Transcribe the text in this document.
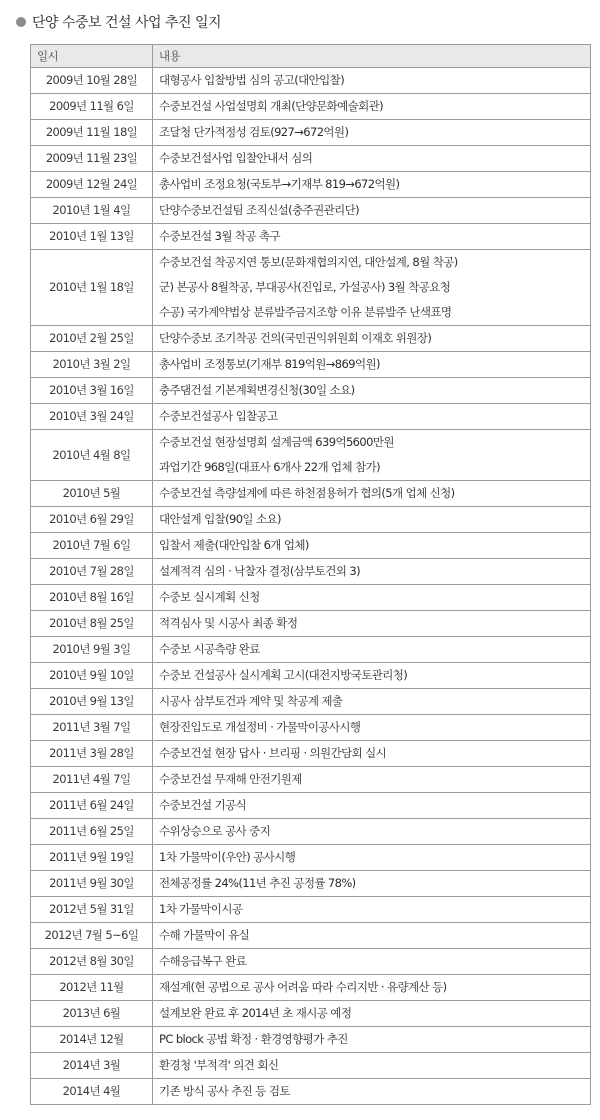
단양 수중보 건설 사업 추진 일지
일시	내용
2009년 10월 28일	대형공사 입찰방법 심의 공고(대안입찰)

2009년 11월 6일	수중보건설 사업설명회 개최(단양문화예술회관)

2009년 11월 18일	조달청 단가적정성 검토(927→672억원)

2009년 11월 23일	수중보건설사업 입찰안내서 심의

2009년 12월 24일	총사업비 조정요청(국토부→기재부 819→672억원)

2010년 1월 4일	단양수중보건설팀 조직신설(충주권관리단)

2010년 1월 13일	수중보건설 3월 착공 촉구

2010년 1월 18일	수중보건설 착공지연 통보(문화재협의지연, 대안설계, 8월 착공)
군) 본공사 8월착공, 부대공사(진입로, 가설공사) 3월 착공요청
수공) 국가계약법상 분류발주금지조항 이유 분류발주 난색표명

2010년 2월 25일	단양수중보 조기착공 건의(국민권익위원회 이재호 위원장)

2010년 3월 2일	총사업비 조정통보(기재부 819억원→869억원)

2010년 3월 16일	충주댐건설 기본계획변경신청(30일 소요)

2010년 3월 24일	수중보건설공사 입찰공고

2010년 4월 8일	수중보건설 현장설명회 설계금액 639억5600만원
과업기간 968일(대표사 6개사 22개 업체 참가)

2010년 5월	수중보건설 측량설계에 따른 하천점용허가 협의(5개 업체 신청)

2010년 6월 29일	대안설계 입찰(90일 소요)

2010년 7월 6일	입찰서 제출(대안입찰 6개 업체)

2010년 7월 28일	설계적격 심의 · 낙찰자 결정(삼부토건외 3)

2010년 8월 16일	수중보 실시계획 신청

2010년 8월 25일	적격심사 및 시공사 최종 확정

2010년 9월 3일	수중보 시공측량 완료

2010년 9월 10일	수중보 건설공사 실시계획 고시(대전지방국토관리청)

2010년 9월 13일	시공사 삼부토건과 계약 및 착공계 제출

2011년 3월 7일	현장진입도로 개설정비 · 가물막이공사시행

2011년 3월 28일	수중보건설 현장 답사 · 브리핑 · 의원간담회 실시

2011년 4월 7일	수중보건설 무재해 안전기원제

2011년 6월 24일	수중보건설 기공식

2011년 6월 25일	수위상승으로 공사 중지

2011년 9월 19일	1차 가물막이(우안) 공사시행

2011년 9월 30일	전체공정률 24%(11년 추진 공정률 78%)

2012년 5월 31일	1차 가물막이시공

2012년 7월 5~6일	수해 가물막이 유실

2012년 8월 30일	수해응급복구 완료

2012년 11월	재설계(현 공법으로 공사 어려움 따라 수리지반 · 유량계산 등)

2013년 6월	설계보완 완료 후 2014년 초 재시공 예정

2014년 12월	PC block 공법 확정 · 환경영향평가 추진

2014년 3월	환경청 '부적격' 의견 회신

2014년 4월	기존 방식 공사 추진 등 검토
